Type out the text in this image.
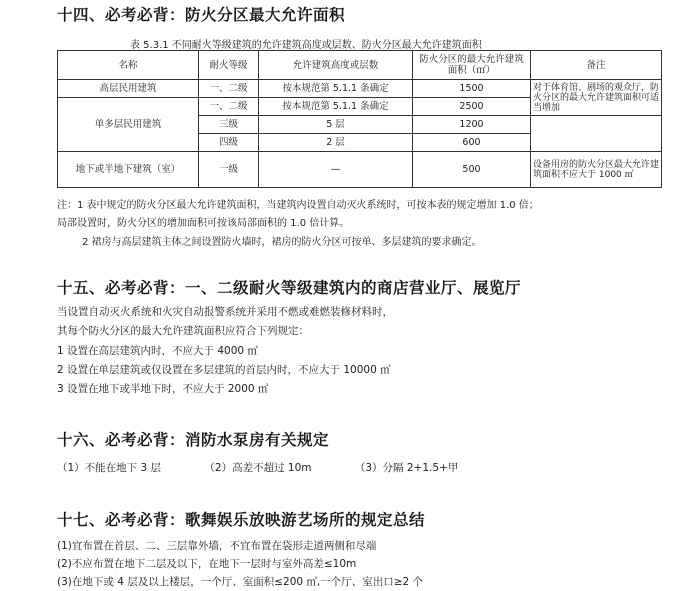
十四、必考必背：防火分区最大允许面积
表 5.3.1 不同耐火等级建筑的允许建筑高度或层数、防火分区最大允许建筑面积
名称	耐火等级	允许建筑高度或层数	防火分区的最大允许建筑面积（㎡）	备注
高层民用建筑	一、二级	按本规范第 5.1.1 条确定	1500	对于体育馆、剧场的观众厅，防火分区的最大允许建筑面积可适当增加
单多层民用建筑	一、二级	按本规范第 5.1.1 条确定	2500	
	三级	5 层	1200	
	四级	2 层	600	
地下或半地下建筑（室）	一级	—	500	设备用房的防火分区最大允许建筑面积不应大于 1000 ㎡
注：1 表中规定的防火分区最大允许建筑面积，当建筑内设置自动灭火系统时，可按本表的规定增加 1.0 倍；
局部设置时，防火分区的增加面积可按该局部面积的 1.0 倍计算。
2 裙房与高层建筑主体之间设置防火墙时，裙房的防火分区可按单、多层建筑的要求确定。
十五、必考必背：一、二级耐火等级建筑内的商店营业厅、展览厅
当设置自动灭火系统和火灾自动报警系统并采用不燃或难燃装修材料时，
其每个防火分区的最大允许建筑面积应符合下列规定：
1 设置在高层建筑内时，不应大于 4000 ㎡
2 设置在单层建筑或仅设置在多层建筑的首层内时，不应大于 10000 ㎡
3 设置在地下或半地下时，不应大于 2000 ㎡
十六、必考必背：消防水泵房有关规定
（1）不能在地下 3 层	（2）高差不超过 10m	（3）分隔 2+1.5+甲
十七、必考必背：歌舞娱乐放映游艺场所的规定总结
(1)宜布置在首层、二、三层靠外墙，不宜布置在袋形走道两侧和尽端
(2)不应布置在地下二层及以下，在地下一层时与室外高差≤10m
(3)在地下或 4 层及以上楼层，一个厅、室面积≤200 ㎡,一个厅、室出口≥2 个
